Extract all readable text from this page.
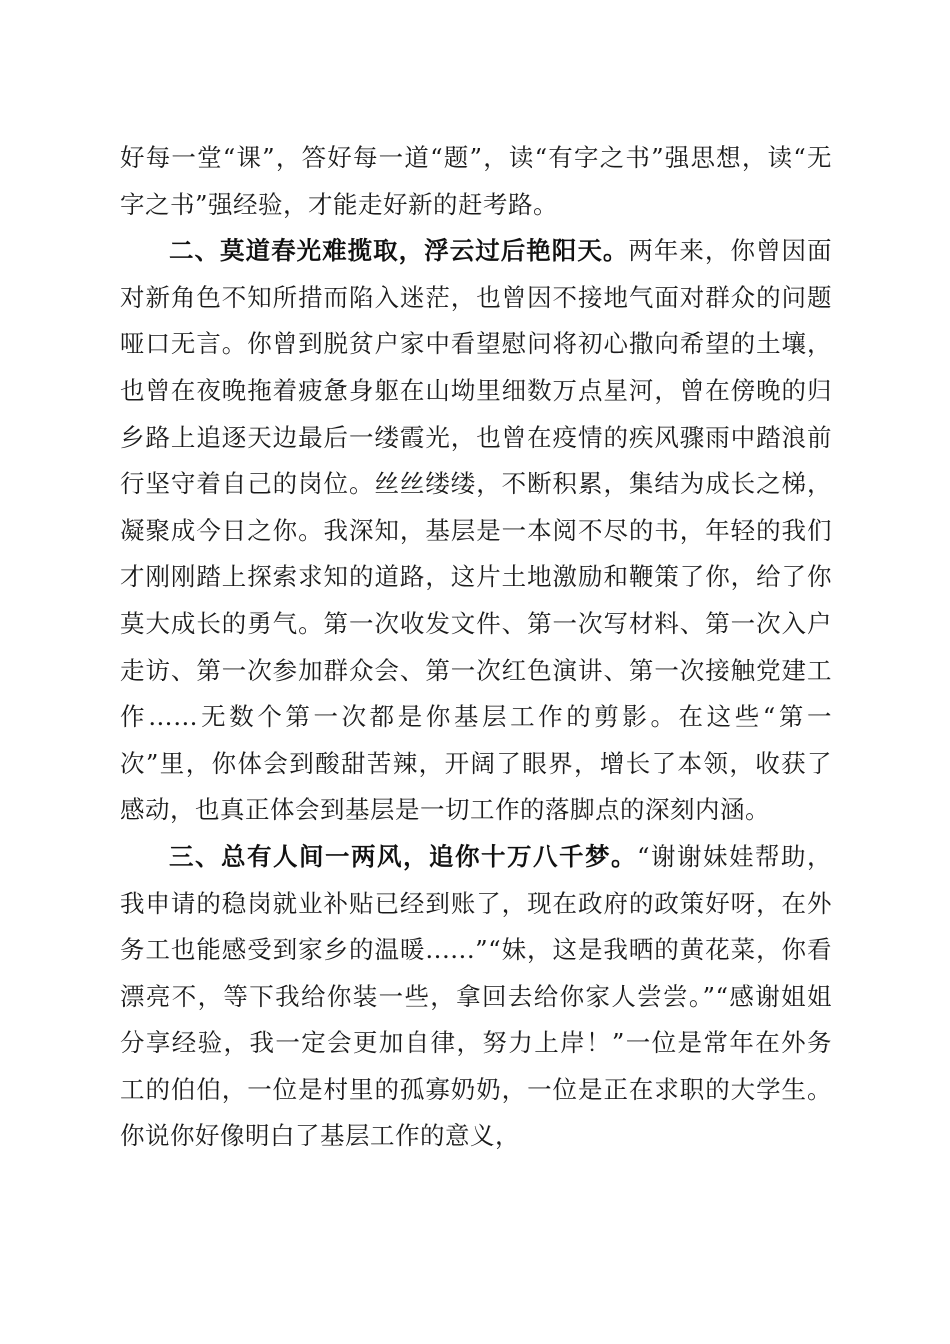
好每一堂“课”，答好每一道“题”，读“有字之书”强思想，读“无字之书”强经验，才能走好新的赶考路。

二、莫道春光难揽取，浮云过后艳阳天。两年来，你曾因面对新角色不知所措而陷入迷茫，也曾因不接地气面对群众的问题哑口无言。你曾到脱贫户家中看望慰问将初心撒向希望的土壤，也曾在夜晚拖着疲惫身躯在山坳里细数万点星河，曾在傍晚的归乡路上追逐天边最后一缕霞光，也曾在疫情的疾风骤雨中踏浪前行坚守着自己的岗位。丝丝缕缕，不断积累，集结为成长之梯，凝聚成今日之你。我深知，基层是一本阅不尽的书，年轻的我们才刚刚踏上探索求知的道路，这片土地激励和鞭策了你，给了你莫大成长的勇气。第一次收发文件、第一次写材料、第一次入户走访、第一次参加群众会、第一次红色演讲、第一次接触党建工作……无数个第一次都是你基层工作的剪影。在这些“第一次”里，你体会到酸甜苦辣，开阔了眼界，增长了本领，收获了感动，也真正体会到基层是一切工作的落脚点的深刻内涵。

三、总有人间一两风，追你十万八千梦。“谢谢妹娃帮助，我申请的稳岗就业补贴已经到账了，现在政府的政策好呀，在外务工也能感受到家乡的温暖......”“妹，这是我晒的黄花菜，你看漂亮不，等下我给你装一些，拿回去给你家人尝尝。”“感谢姐姐分享经验，我一定会更加自律，努力上岸！”一位是常年在外务工的伯伯，一位是村里的孤寡奶奶，一位是正在求职的大学生。你说你好像明白了基层工作的意义，
